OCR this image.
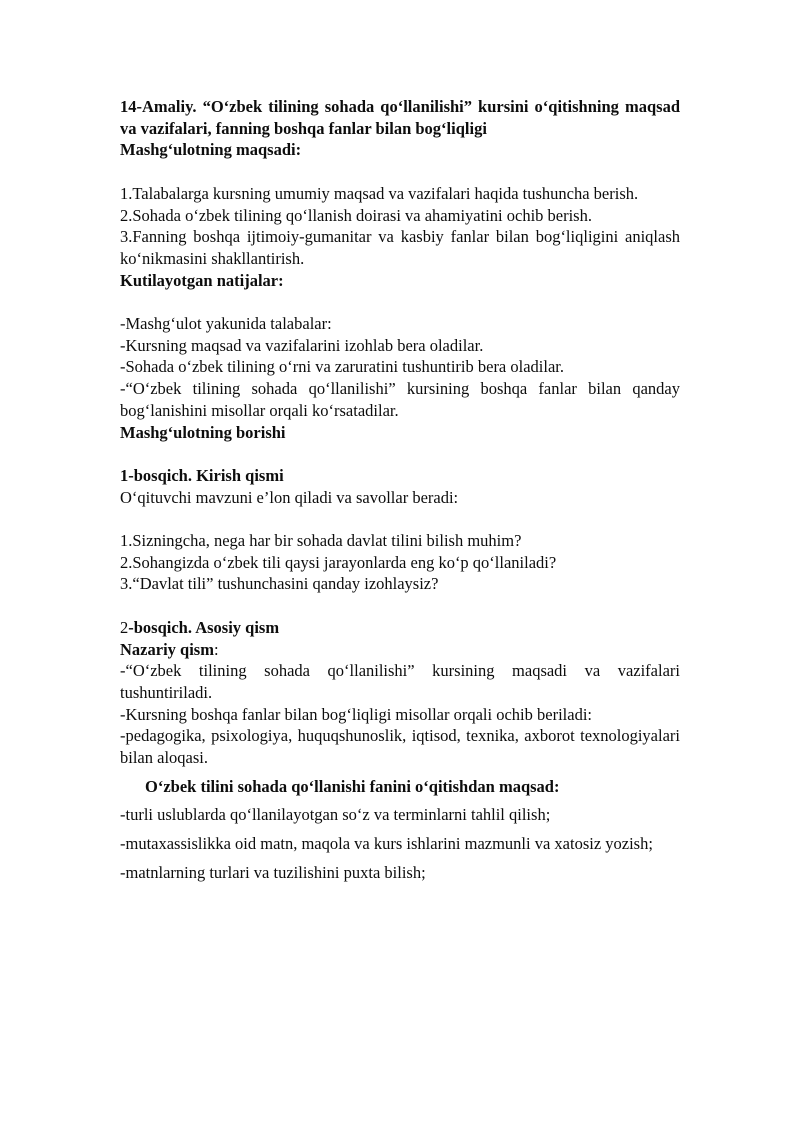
14-Amaliy. “Oʻzbek tilining sohada qoʻllanilishi” kursini oʻqitishning maqsad va vazifalari, fanning boshqa fanlar bilan bogʻliqligi

Mashgʻulotning maqsadi:

1.Talabalarga kursning umumiy maqsad va vazifalari haqida tushuncha berish.

2.Sohada oʻzbek tilining qoʻllanish doirasi va ahamiyatini ochib berish.

3.Fanning boshqa ijtimoiy-gumanitar va kasbiy fanlar bilan bogʻliqligini aniqlash koʻnikmasini shakllantirish.

Kutilayotgan natijalar:

-Mashgʻulot yakunida talabalar:

-Kursning maqsad va vazifalarini izohlab bera oladilar.

-Sohada oʻzbek tilining oʻrni va zaruratini tushuntirib bera oladilar.

-“Oʻzbek tilining sohada qoʻllanilishi” kursining boshqa fanlar bilan qanday bogʻlanishini misollar orqali koʻrsatadilar.

Mashgʻulotning borishi

1-bosqich. Kirish qismi

Oʻqituvchi mavzuni e’lon qiladi va savollar beradi:

1.Sizningcha, nega har bir sohada davlat tilini bilish muhim?

2.Sohangizda oʻzbek tili qaysi jarayonlarda eng koʻp qoʻllaniladi?

3.“Davlat tili” tushunchasini qanday izohlaysiz?

2-bosqich. Asosiy qism

Nazariy qism:

-“Oʻzbek tilining sohada qoʻllanilishi” kursining maqsadi va vazifalari tushuntiriladi.

-Kursning boshqa fanlar bilan bogʻliqligi misollar orqali ochib beriladi:

-pedagogika, psixologiya, huquqshunoslik, iqtisod, texnika, axborot texnologiyalari bilan aloqasi.

Oʻzbek tilini sohada qoʻllanishi fanini oʻqitishdan maqsad:

-turli uslublarda qoʻllanilayotgan soʻz va terminlarni tahlil qilish;

-mutaxassislikka oid matn, maqola va kurs ishlarini mazmunli va xatosiz yozish;

-matnlarning turlari va tuzilishini puxta bilish;
